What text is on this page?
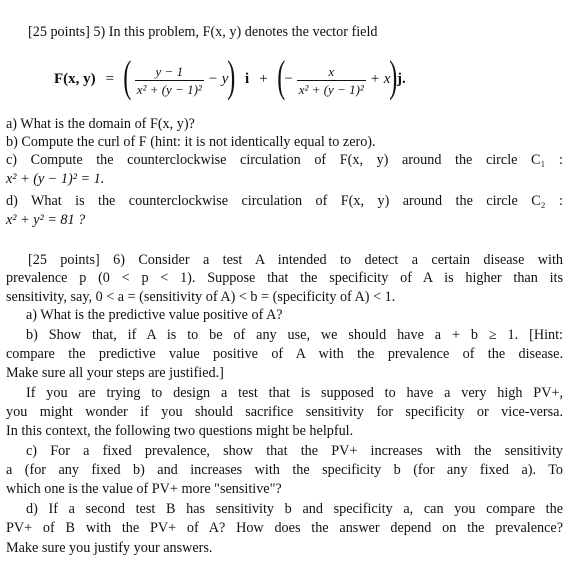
[25 points] 5) In this problem, F(x, y) denotes the vector field
F(x, y) = ( $\frac{y - 1}{\text{x² + (y − 1)²}} - y$ ) i + ( − $\frac{x}{\text{x² + (y − 1)²}} + x$ ) j.
a) What is the domain of F(x, y)?
b) Compute the curl of F (hint: it is not identically equal to zero).
c) Compute the counterclockwise circulation of F(x, y) around the circle C₁ :
x² + (y − 1)² = 1.
d) What is the counterclockwise circulation of F(x, y) around the circle C₂ :
x² + y² = 81 ?
[25 points] 6) Consider a test A intended to detect a certain disease with
prevalence p (0 < p < 1). Suppose that the specificity of A is higher than its
sensitivity, say, 0 < a = (sensitivity of A) < b = (specificity of A) < 1.
a) What is the predictive value positive of A?
b) Show that, if A is to be of any use, we should have a + b ≥ 1. [Hint:
compare the predictive value positive of A with the prevalence of the disease.
Make sure all your steps are justified.]
If you are trying to design a test that is supposed to have a very high PV+,
you might wonder if you should sacrifice sensitivity for specificity or vice-versa.
In this context, the following two questions might be helpful.
c) For a fixed prevalence, show that the PV+ increases with the sensitivity
a (for any fixed b) and increases with the specificity b (for any fixed a). To
which one is the value of PV+ more "sensitive"?
d) If a second test B has sensitivity b and specificity a, can you compare the
PV+ of B with the PV+ of A? How does the answer depend on the prevalence?
Make sure you justify your answers.
